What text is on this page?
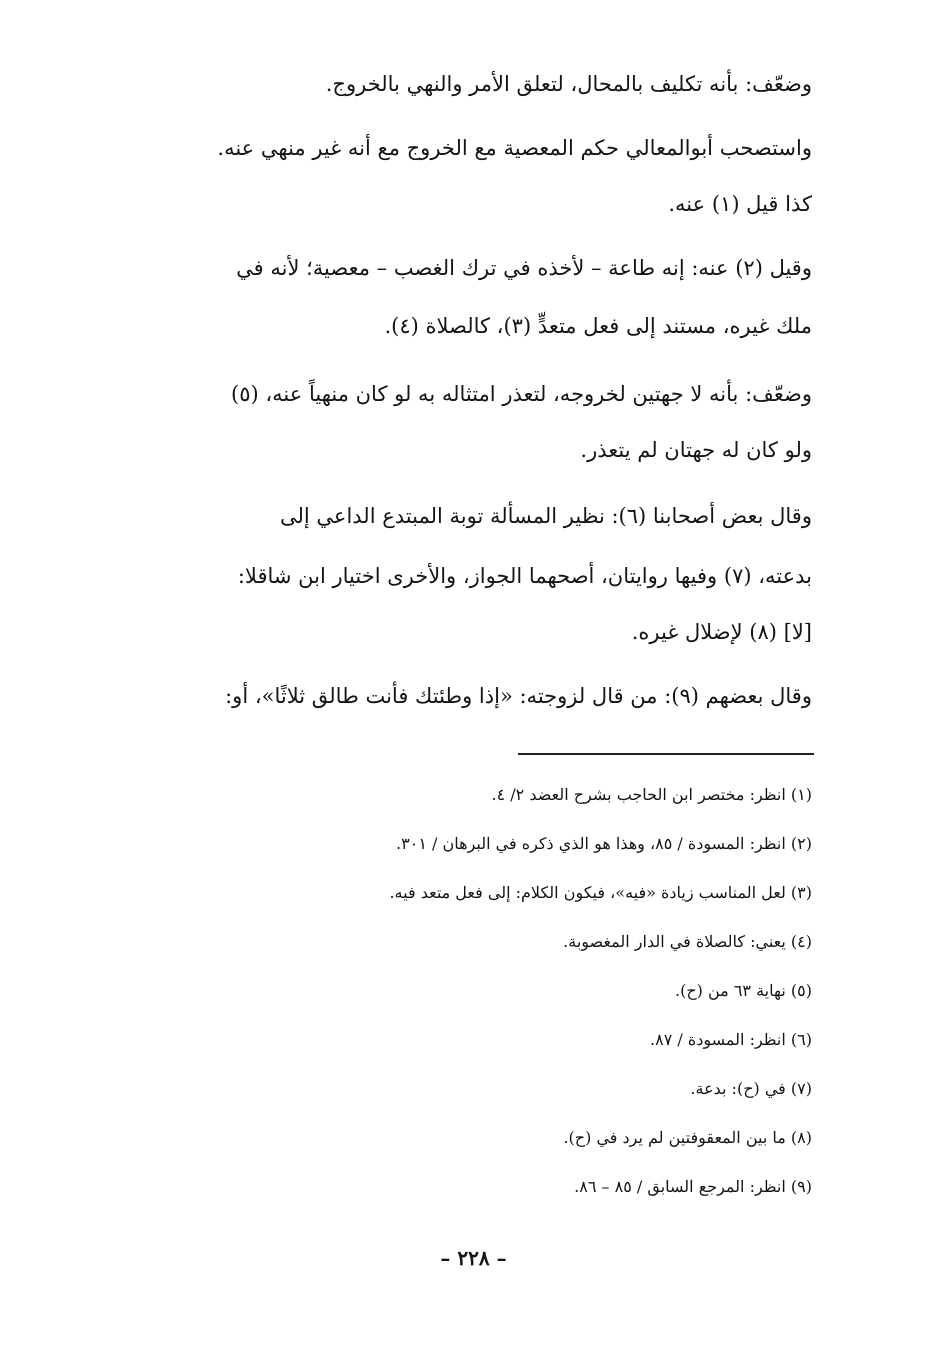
وضعّف: بأنه تكليف بالمحال، لتعلق الأمر والنهي بالخروج.
واستصحب أبوالمعالي حكم المعصية مع الخروج مع أنه غير منهي عنه.
كذا قيل (١) عنه.
وقيل (٢) عنه: إنه طاعة – لأخذه في ترك الغصب – معصية؛ لأنه في
ملك غيره، مستند إلى فعل متعدٍّ (٣)، كالصلاة (٤).
وضعّف: بأنه لا جهتين لخروجه، لتعذر امتثاله به لو كان منهياً عنه، (٥)
ولو كان له جهتان لم يتعذر.
وقال بعض أصحابنا (٦): نظير المسألة توبة المبتدع الداعي إلى
بدعته، (٧) وفيها روايتان، أصحهما الجواز، والأخرى اختيار ابن شاقلا:
[لا] (٨) لإضلال غيره.
وقال بعضهم (٩): من قال لزوجته: «إذا وطئتك فأنت طالق ثلاثًا»، أو:
(١) انظر: مختصر ابن الحاجب بشرح العضد ٢/ ٤.
(٢) انظر: المسودة / ٨٥، وهذا هو الذي ذكره في البرهان / ٣٠١.
(٣) لعل المناسب زيادة «فيه»، فيكون الكلام: إلى فعل متعد فيه.
(٤) يعني: كالصلاة في الدار المغصوبة.
(٥) نهاية ٦٣ من (ح).
(٦) انظر: المسودة / ٨٧.
(٧) في (ح): بدعة.
(٨) ما بين المعقوفتين لم يرد في (ح).
(٩) انظر: المرجع السابق / ٨٥ – ٨٦.
– ٢٢٨ –
